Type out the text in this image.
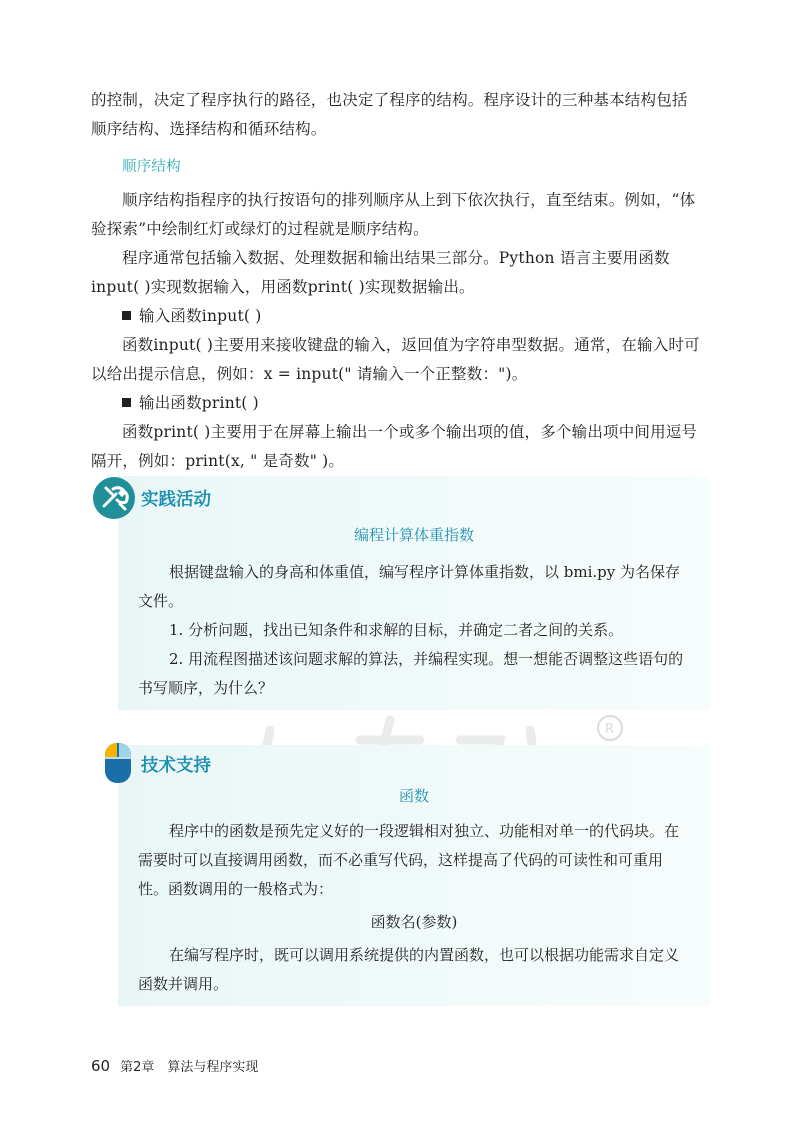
的控制，决定了程序执行的路径，也决定了程序的结构。程序设计的三种基本结构包括

顺序结构、选择结构和循环结构。

顺序结构

顺序结构指程序的执行按语句的排列顺序从上到下依次执行，直至结束。例如，“体验探索”中绘制红灯或绿灯的过程就是顺序结构。

程序通常包括输入数据、处理数据和输出结果三部分。Python 语言主要用函数input( )实现数据输入，用函数print( )实现数据输出。

输入函数input( )

函数input( )主要用来接收键盘的输入，返回值为字符串型数据。通常，在输入时可以给出提示信息，例如：x = input(" 请输入一个正整数：")。

输出函数print( )

函数print( )主要用于在屏幕上输出一个或多个输出项的值，多个输出项中间用逗号隔开，例如：print(x, " 是奇数" )。

实践活动
编程计算体重指数

根据键盘输入的身高和体重值，编写程序计算体重指数，以 bmi.py 为名保存文件。

1. 分析问题，找出已知条件和求解的目标，并确定二者之间的关系。

2. 用流程图描述该问题求解的算法，并编程实现。想一想能否调整这些语句的书写顺序，为什么？

R
技术支持
函数

程序中的函数是预先定义好的一段逻辑相对独立、功能相对单一的代码块。在需要时可以直接调用函数，而不必重写代码，这样提高了代码的可读性和可重用性。函数调用的一般格式为：

函数名(参数)

在编写程序时，既可以调用系统提供的内置函数，也可以根据功能需求自定义函数并调用。

60 第2章　算法与程序实现
